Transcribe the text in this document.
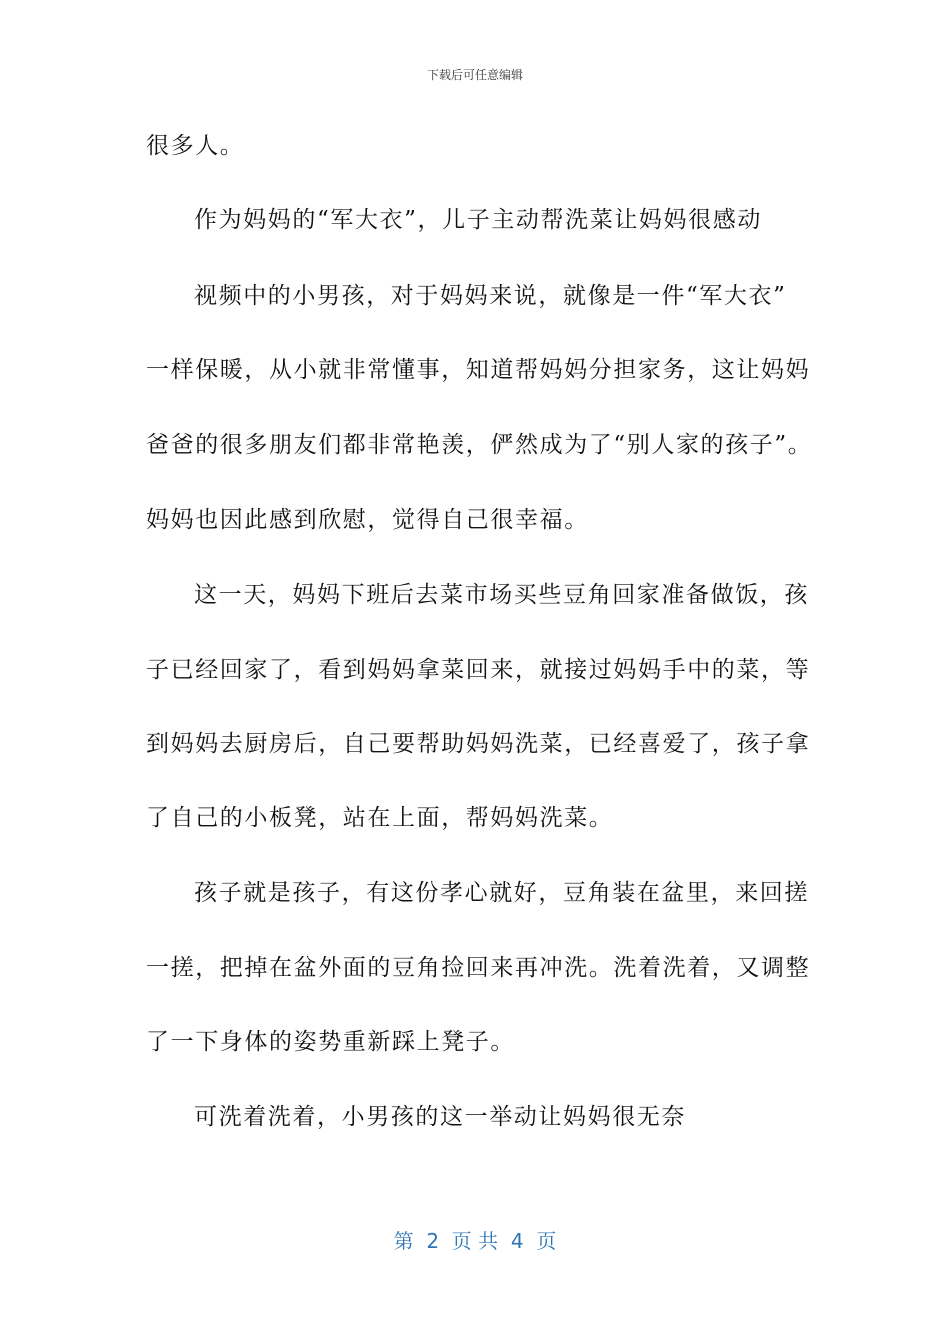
下载后可任意编辑
很多人。
作为妈妈的“军大衣”，儿子主动帮洗菜让妈妈很感动
视频中的小男孩，对于妈妈来说，就像是一件“军大衣”
一样保暖，从小就非常懂事，知道帮妈妈分担家务，这让妈妈
爸爸的很多朋友们都非常艳羡，俨然成为了“别人家的孩子”。
妈妈也因此感到欣慰，觉得自己很幸福。
这一天，妈妈下班后去菜市场买些豆角回家准备做饭，孩
子已经回家了，看到妈妈拿菜回来，就接过妈妈手中的菜，等
到妈妈去厨房后，自己要帮助妈妈洗菜，已经喜爱了，孩子拿
了自己的小板凳，站在上面，帮妈妈洗菜。
孩子就是孩子，有这份孝心就好，豆角装在盆里，来回搓
一搓，把掉在盆外面的豆角捡回来再冲洗。洗着洗着，又调整
了一下身体的姿势重新踩上凳子。
可洗着洗着，小男孩的这一举动让妈妈很无奈
第  2  页 共  4  页
